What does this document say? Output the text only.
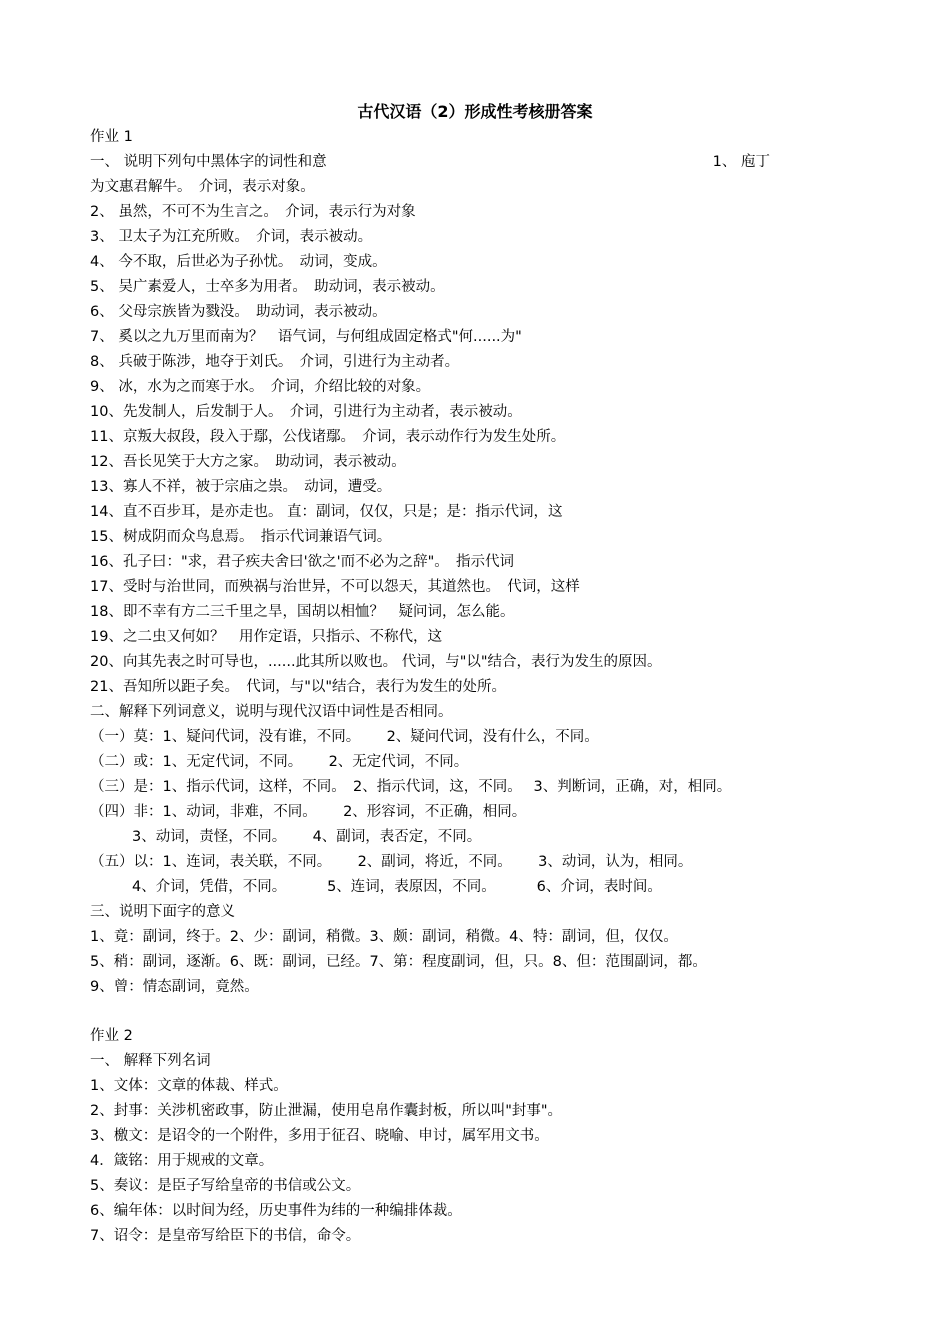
古代汉语（2）形成性考核册答案
作业 1
一、 说明下列句中黑体字的词性和意	1、 庖丁
为文惠君解牛。　介词，表示对象。
2、 虽然，不可不为生言之。　介词，表示行为对象
3、 卫太子为江充所败。　介词，表示被动。
4、 今不取，后世必为子孙忧。　动词，变成。
5、 吴广素爱人，士卒多为用者。　助动词，表示被动。
6、 父母宗族皆为戮没。　助动词，表示被动。
7、 奚以之九万里而南为？　语气词，与何组成固定格式"何......为"
8、 兵破于陈涉，地夺于刘氏。　介词，引进行为主动者。
9、 冰，水为之而寒于水。　介词，介绍比较的对象。
10、先发制人，后发制于人。　介词，引进行为主动者，表示被动。
11、京叛大叔段，段入于鄢，公伐诸鄢。　介词，表示动作行为发生处所。
12、吾长见笑于大方之家。　助动词，表示被动。
13、寡人不祥，被于宗庙之祟。　动词，遭受。
14、直不百步耳，是亦走也。 直：副词，仅仅，只是；是：指示代词，这
15、树成阴而众鸟息焉。　指示代词兼语气词。
16、孔子曰："求，君子疾夫舍曰'欲之'而不必为之辞"。　指示代词
17、受时与治世同，而殃祸与治世异，不可以怨天，其道然也。　代词，这样
18、即不幸有方二三千里之旱，国胡以相恤？　疑问词，怎么能。
19、之二虫又何如？　用作定语，只指示、不称代，这
20、向其先表之时可导也，......此其所以败也。 代词，与"以"结合，表行为发生的原因。
21、吾知所以距子矣。　代词，与"以"结合，表行为发生的处所。
二、解释下列词意义，说明与现代汉语中词性是否相同。
（一）莫：1、疑问代词，没有谁，不同。　　 2、疑问代词，没有什么，不同。
（二）或：1、无定代词，不同。　　 2、无定代词，不同。
（三）是：1、指示代词，这样，不同。　2、指示代词，这，不同。　 3、判断词，正确，对，相同。
（四）非：1、动词，非难，不同。　　 2、形容词，不正确，相同。
3、动词，责怪，不同。　　 4、副词，表否定，不同。
（五）以：1、连词，表关联，不同。　　 2、副词，将近，不同。　　 3、动词，认为，相同。
4、介词，凭借，不同。　　　 5、连词，表原因，不同。　　　 6、介词，表时间。
三、说明下面字的意义
1、竟：副词，终于。2、少：副词，稍微。3、颇：副词，稍微。4、特：副词，但，仅仅。
5、稍：副词，逐渐。6、既：副词，已经。7、第：程度副词，但，只。8、但：范围副词，都。
9、曾：情态副词，竟然。
作业 2
一、 解释下列名词
1、文体：文章的体裁、样式。
2、封事：关涉机密政事，防止泄漏，使用皂帛作囊封板，所以叫"封事"。
3、檄文：是诏令的一个附件，多用于征召、晓喻、申讨，属军用文书。
4．箴铭：用于规戒的文章。
5、奏议：是臣子写给皇帝的书信或公文。
6、编年体：以时间为经，历史事件为纬的一种编排体裁。
7、诏令：是皇帝写给臣下的书信，命令。
